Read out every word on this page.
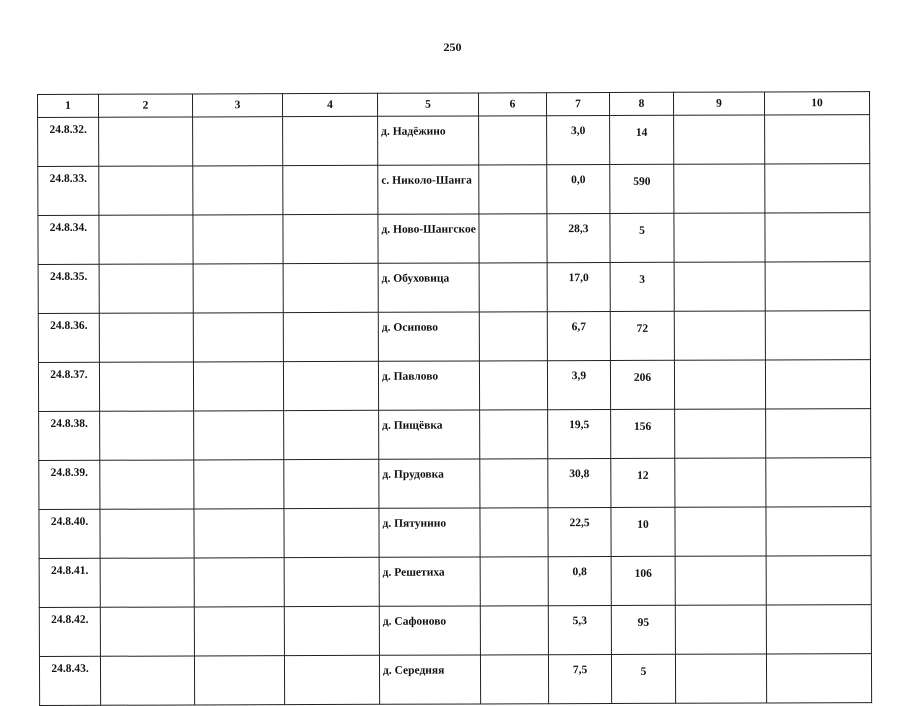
250
1	2	3	4	5	6	7	8	9	10
24.8.32.				д. Надёжино		3,0	14		
24.8.33.				с. Николо-Шанга		0,0	590		
24.8.34.				д. Ново-Шангское		28,3	5		
24.8.35.				д. Обуховица		17,0	3		
24.8.36.				д. Осипово		6,7	72		
24.8.37.				д. Павлово		3,9	206		
24.8.38.				д. Пищёвка		19,5	156		
24.8.39.				д. Прудовка		30,8	12		
24.8.40.				д. Пятунино		22,5	10		
24.8.41.				д. Решетиха		0,8	106		
24.8.42.				д. Сафоново		5,3	95		
24.8.43.				д. Середняя		7,5	5		
